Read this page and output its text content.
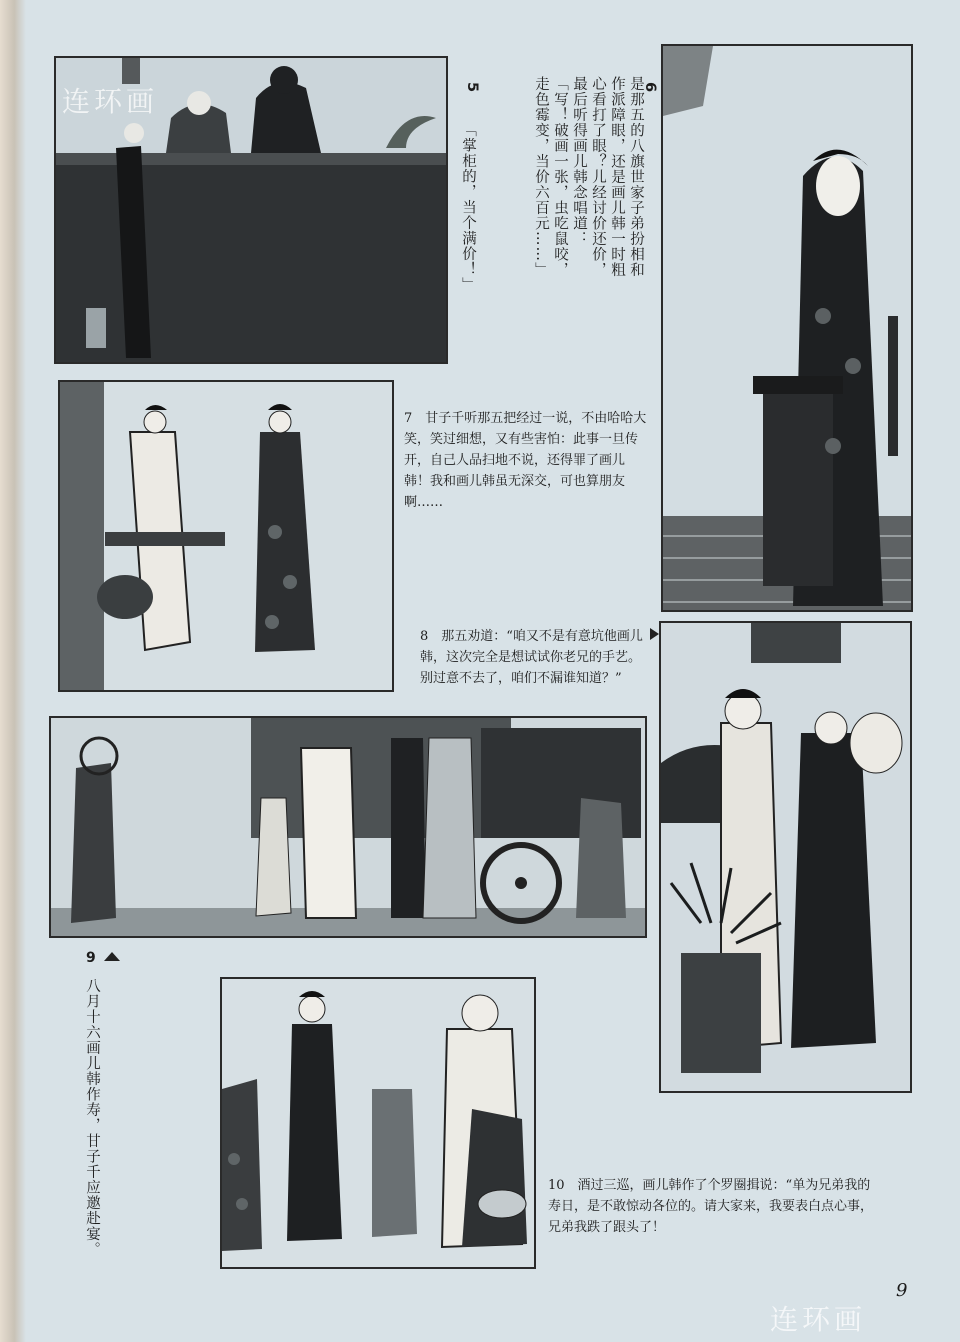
5
「掌柜的，当个满价！」
6
是那五的八旗世家子弟扮相和作派障眼，还是画儿韩一时粗心看打了眼？儿经讨价还价，最后听得画儿韩念唱道：「写！破画一张，虫吃鼠咬，走色霉变，当价六百元……」
7　甘子千听那五把经过一说，不由哈哈大笑，笑过细想，又有些害怕：此事一旦传开，自己人品扫地不说，还得罪了画儿韩！我和画儿韩虽无深交，可也算朋友啊……
8　那五劝道：“咱又不是有意坑他画儿韩，这次完全是想试试你老兄的手艺。别过意不去了，咱们不漏谁知道？”
9
八月十六画儿韩作寿，甘子千应邀赴宴。	10　酒过三巡，画儿韩作了个罗圈揖说：“单为兄弟我的寿日，是不敢惊动各位的。请大家来，我要表白点心事，兄弟我跌了跟头了！
9
连环画
连环画
